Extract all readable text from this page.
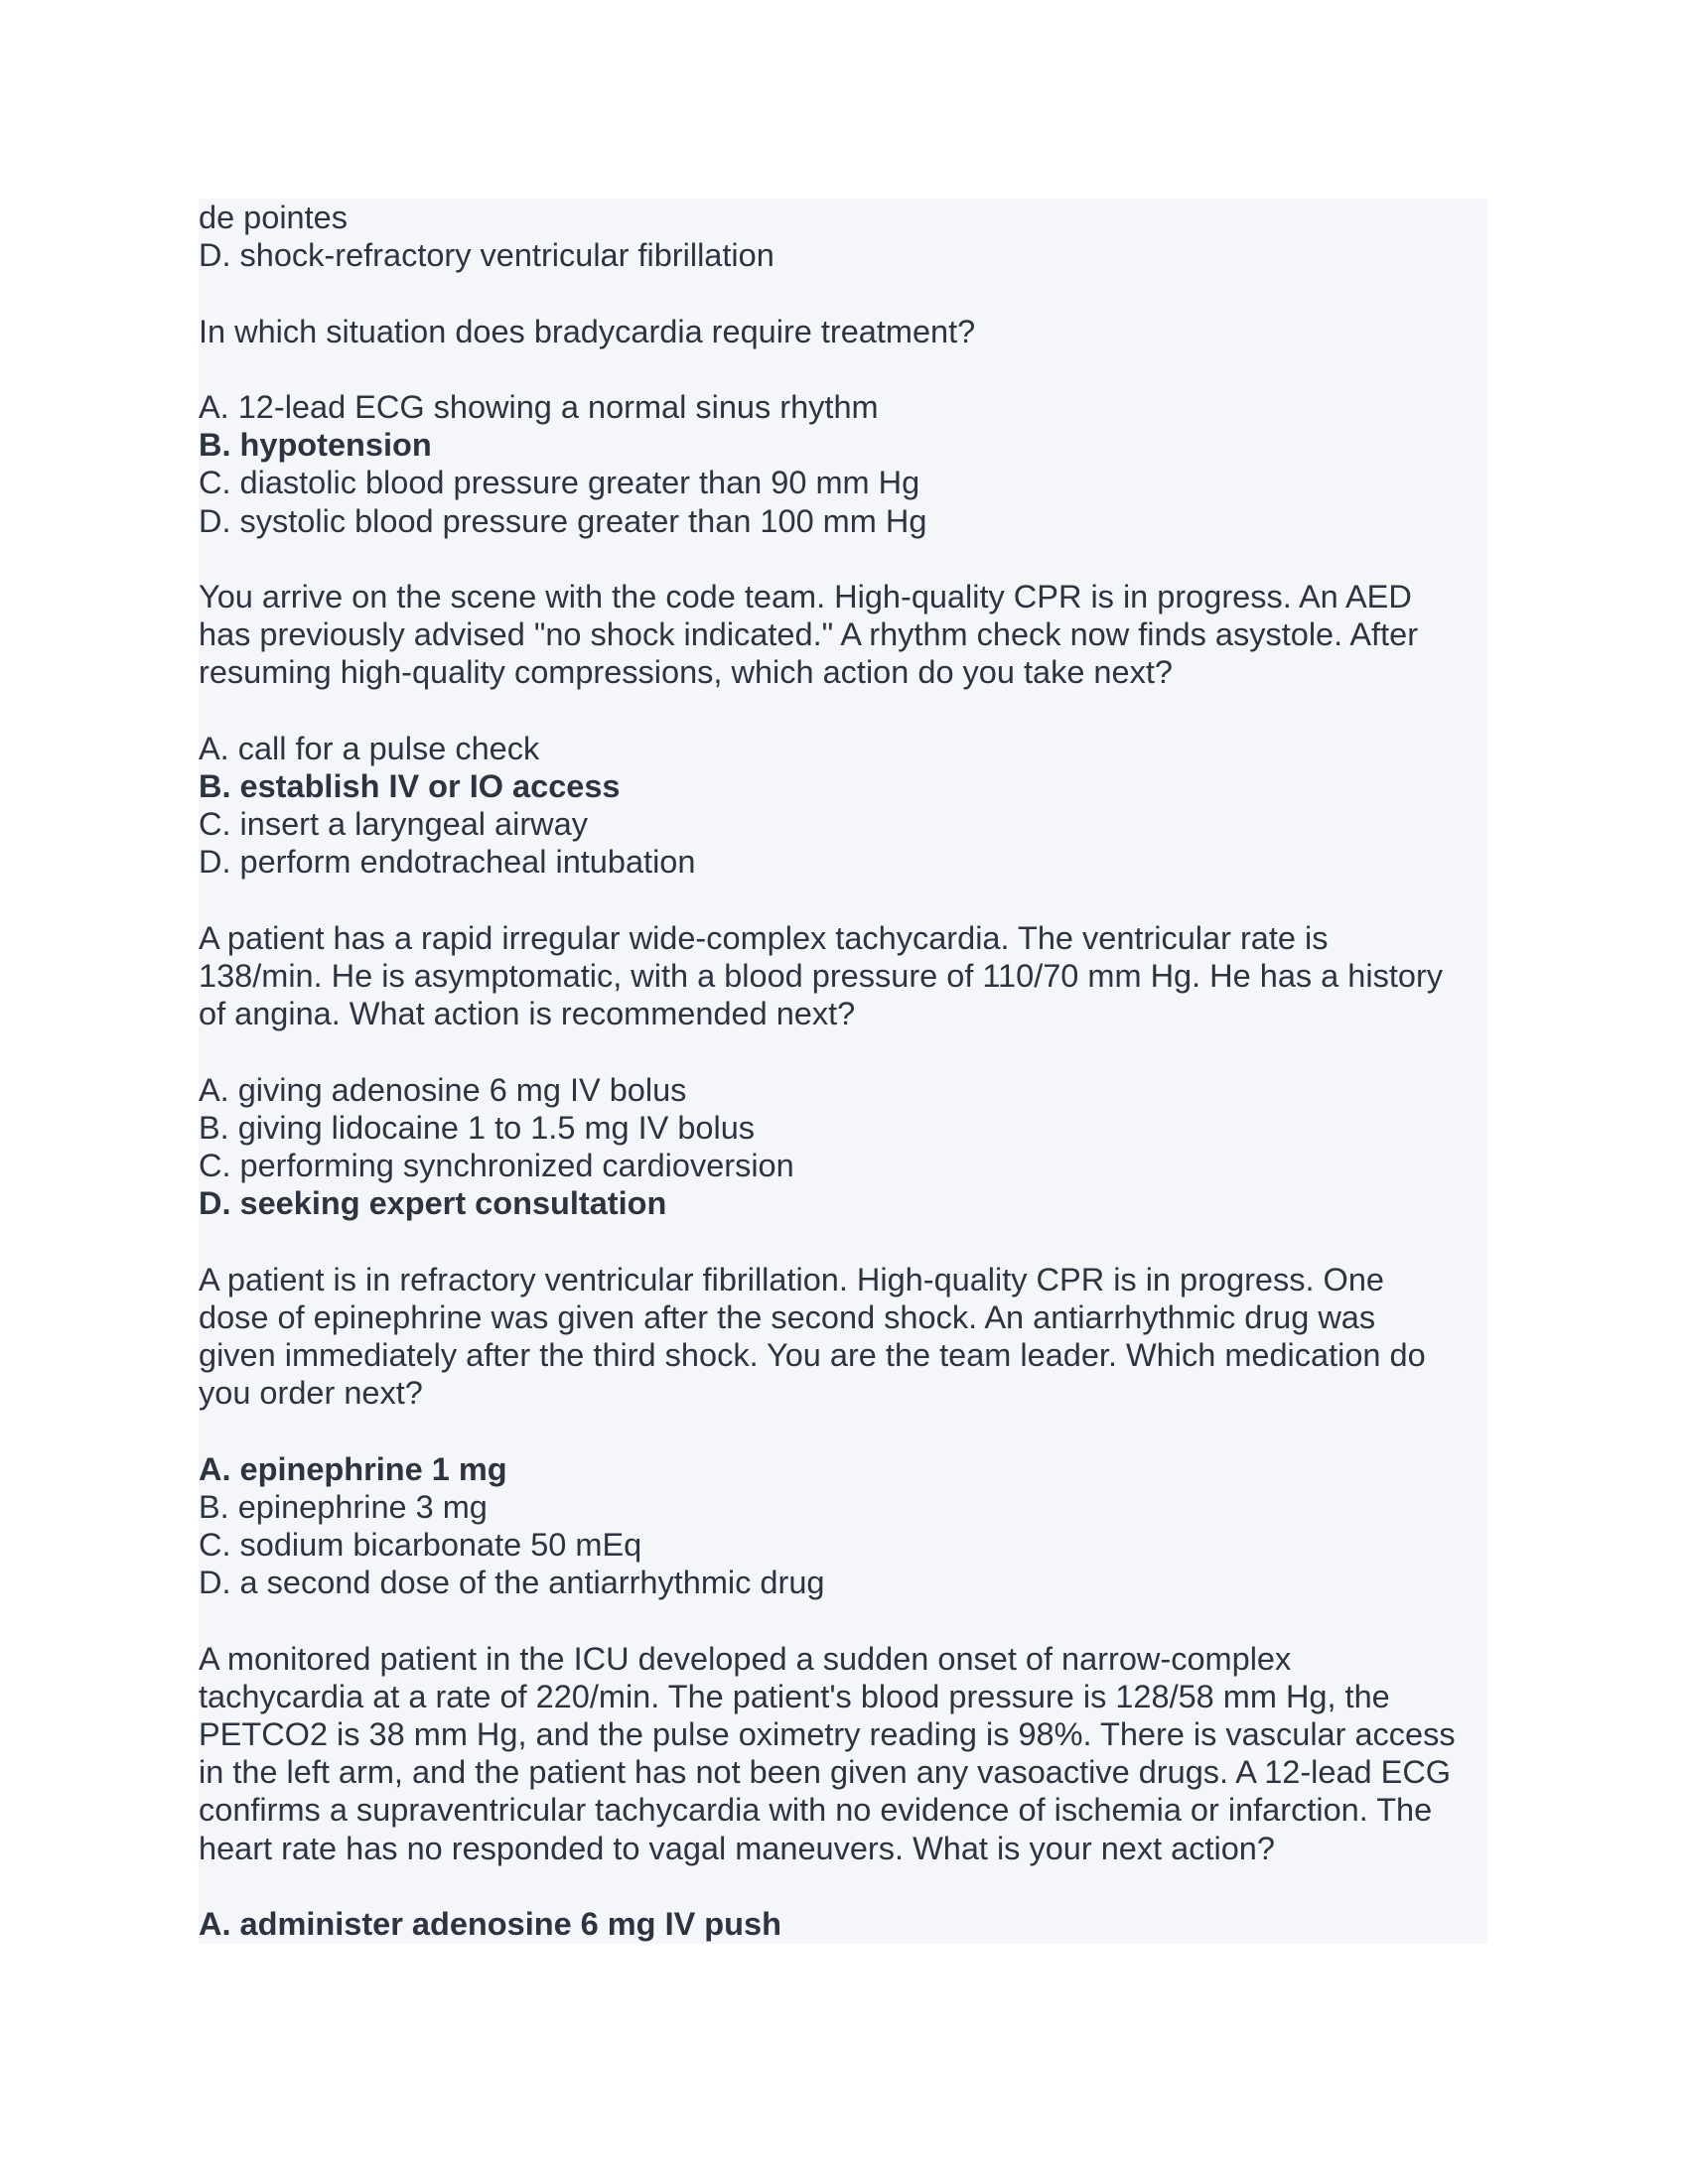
de pointes
D. shock-refractory ventricular fibrillation
In which situation does bradycardia require treatment?
A. 12-lead ECG showing a normal sinus rhythm
B. hypotension
C. diastolic blood pressure greater than 90 mm Hg
D. systolic blood pressure greater than 100 mm Hg
You arrive on the scene with the code team. High-quality CPR is in progress. An AED
has previously advised "no shock indicated." A rhythm check now finds asystole. After
resuming high-quality compressions, which action do you take next?
A. call for a pulse check
B. establish IV or IO access
C. insert a laryngeal airway
D. perform endotracheal intubation
A patient has a rapid irregular wide-complex tachycardia. The ventricular rate is
138/min. He is asymptomatic, with a blood pressure of 110/70 mm Hg. He has a history
of angina. What action is recommended next?
A. giving adenosine 6 mg IV bolus
B. giving lidocaine 1 to 1.5 mg IV bolus
C. performing synchronized cardioversion
D. seeking expert consultation
A patient is in refractory ventricular fibrillation. High-quality CPR is in progress. One
dose of epinephrine was given after the second shock. An antiarrhythmic drug was
given immediately after the third shock. You are the team leader. Which medication do
you order next?
A. epinephrine 1 mg
B. epinephrine 3 mg
C. sodium bicarbonate 50 mEq
D. a second dose of the antiarrhythmic drug
A monitored patient in the ICU developed a sudden onset of narrow-complex
tachycardia at a rate of 220/min. The patient's blood pressure is 128/58 mm Hg, the
PETCO2 is 38 mm Hg, and the pulse oximetry reading is 98%. There is vascular access
in the left arm, and the patient has not been given any vasoactive drugs. A 12-lead ECG
confirms a supraventricular tachycardia with no evidence of ischemia or infarction. The
heart rate has no responded to vagal maneuvers. What is your next action?
A. administer adenosine 6 mg IV push
